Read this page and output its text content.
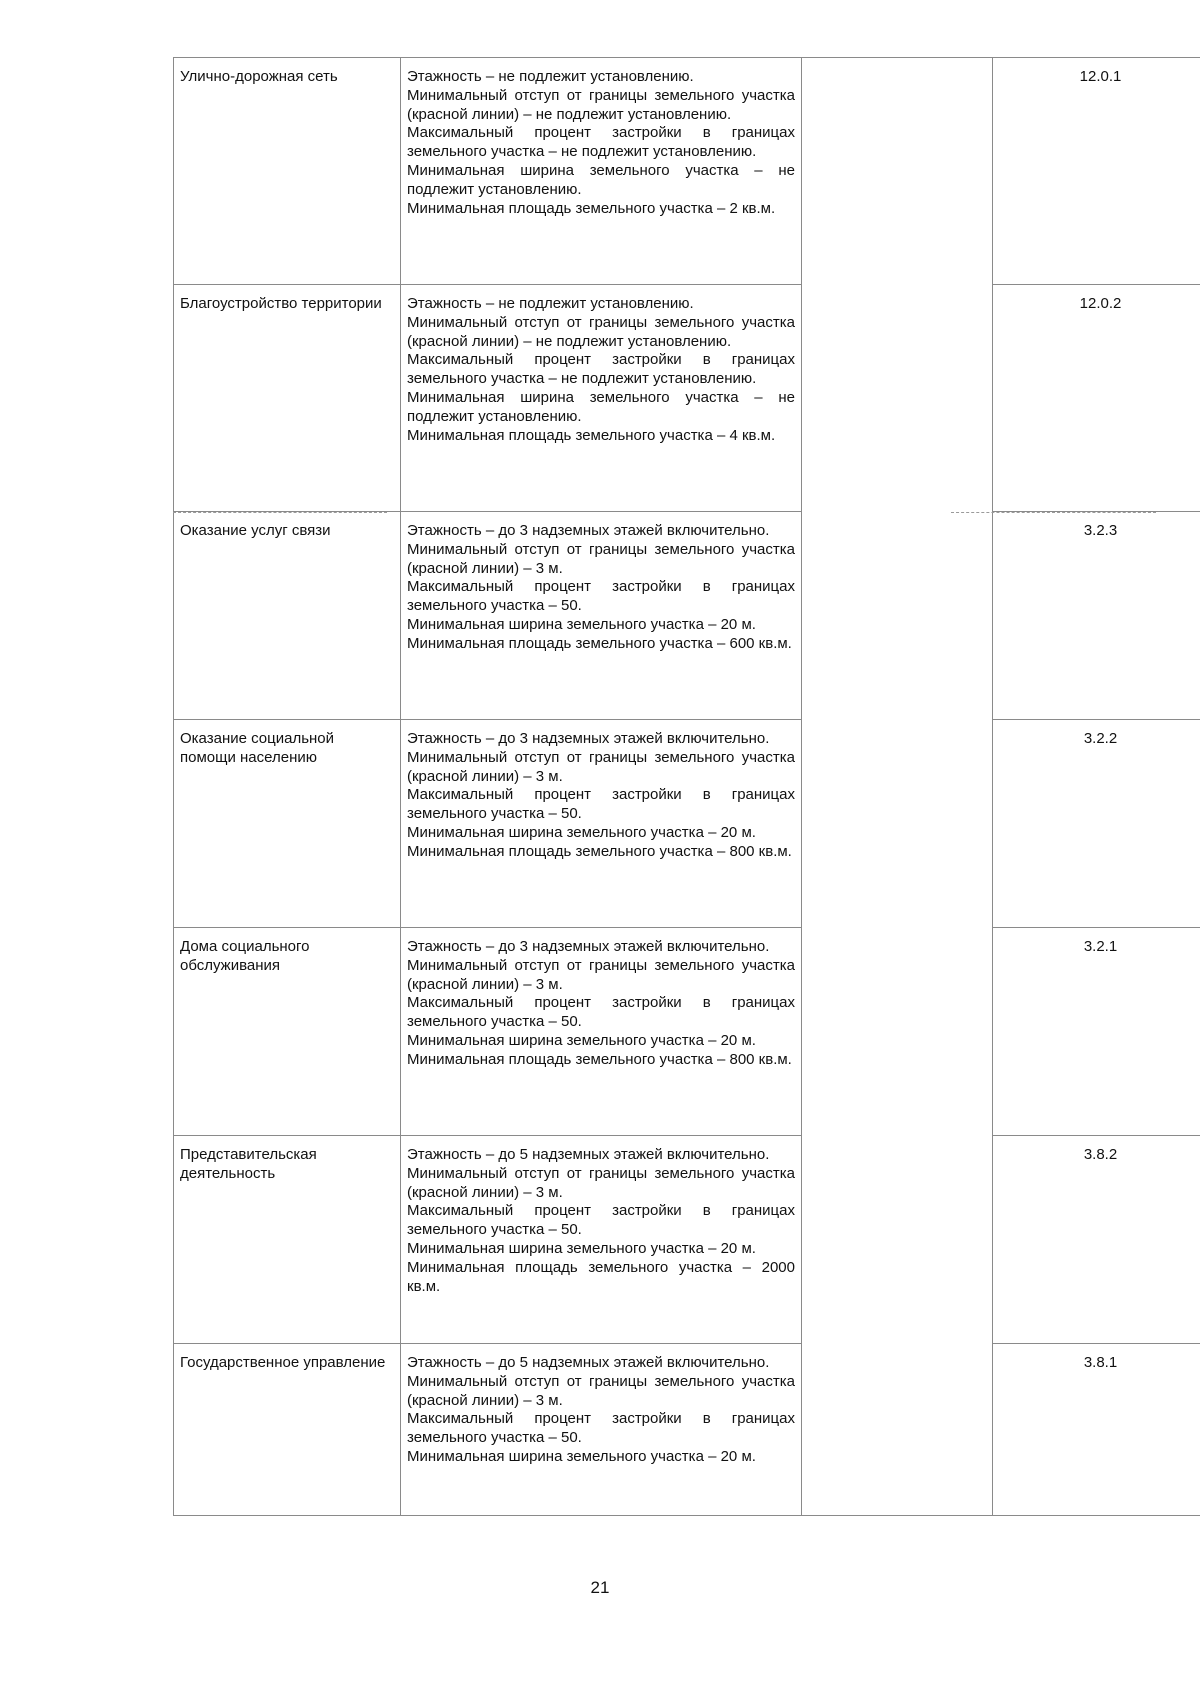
Улично-дорожная сеть	Этажность – не подлежит установлению.
Минимальный отступ от границы земельного участка (красной линии) – не подлежит установлению.
Максимальный процент застройки в границах земельного участка – не подлежит установлению.
Минимальная ширина земельного участка – не подлежит установлению.
Минимальная площадь земельного участка – 2 кв.м.		12.0.1
Благоустройство территории	Этажность – не подлежит установлению.
Минимальный отступ от границы земельного участка (красной линии) – не подлежит установлению.
Максимальный процент застройки в границах земельного участка – не подлежит установлению.
Минимальная ширина земельного участка – не подлежит установлению.
Минимальная площадь земельного участка – 4 кв.м.		12.0.2
Оказание услуг связи	Этажность – до 3 надземных этажей включительно.
Минимальный отступ от границы земельного участка (красной линии) – 3 м.
Максимальный процент застройки в границах земельного участка – 50.
Минимальная ширина земельного участка – 20 м.
Минимальная площадь земельного участка – 600 кв.м.		3.2.3
Оказание социальной помощи населению	Этажность – до 3 надземных этажей включительно.
Минимальный отступ от границы земельного участка (красной линии) – 3 м.
Максимальный процент застройки в границах земельного участка – 50.
Минимальная ширина земельного участка – 20 м.
Минимальная площадь земельного участка – 800 кв.м.		3.2.2
Дома социального обслуживания	Этажность – до 3 надземных этажей включительно.
Минимальный отступ от границы земельного участка (красной линии) – 3 м.
Максимальный процент застройки в границах земельного участка – 50.
Минимальная ширина земельного участка – 20 м.
Минимальная площадь земельного участка – 800 кв.м.		3.2.1
Представительская деятельность	Этажность – до 5 надземных этажей включительно.
Минимальный отступ от границы земельного участка (красной линии) – 3 м.
Максимальный процент застройки в границах земельного участка – 50.
Минимальная ширина земельного участка – 20 м.
Минимальная площадь земельного участка – 2000 кв.м.		3.8.2
Государственное управление	Этажность – до 5 надземных этажей включительно.
Минимальный отступ от границы земельного участка (красной линии) – 3 м.
Максимальный процент застройки в границах земельного участка – 50.
Минимальная ширина земельного участка – 20 м.		3.8.1
21
